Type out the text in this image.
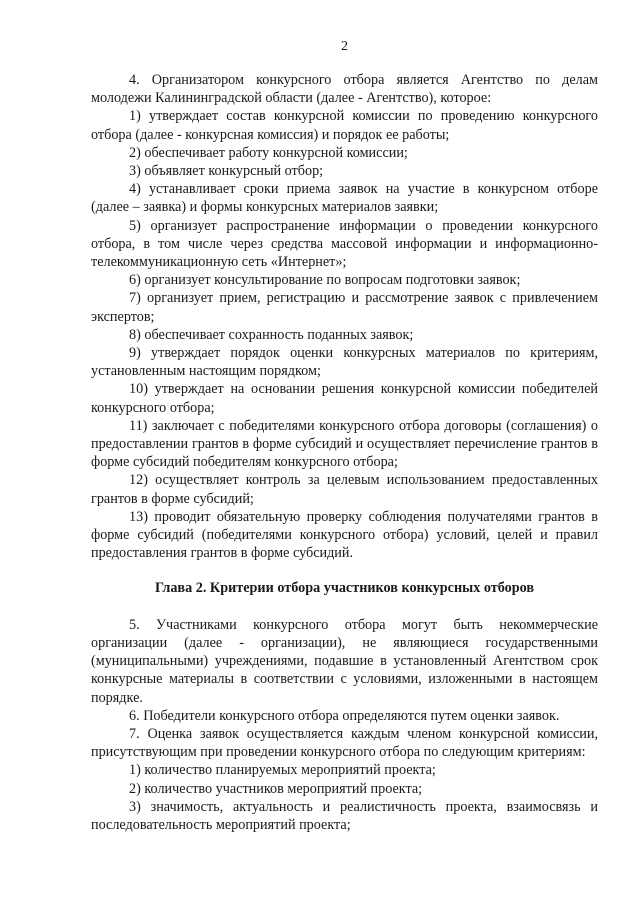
2

4. Организатором конкурсного отбора является Агентство по делам молодежи Калининградской области (далее - Агентство), которое:

1) утверждает состав конкурсной комиссии по проведению конкурсного отбора (далее - конкурсная комиссия) и порядок ее работы;

2) обеспечивает работу конкурсной комиссии;

3) объявляет конкурсный отбор;

4) устанавливает сроки приема заявок на участие в конкурсном отборе (далее – заявка) и формы конкурсных материалов заявки;

5) организует распространение информации о проведении конкурсного отбора, в том числе через средства массовой информации и информационно-телекоммуникационную сеть «Интернет»;

6) организует консультирование по вопросам подготовки заявок;

7) организует прием, регистрацию и рассмотрение заявок с привлечением экспертов;

8) обеспечивает сохранность поданных заявок;

9) утверждает порядок оценки конкурсных материалов по критериям, установленным настоящим порядком;

10) утверждает на основании решения конкурсной комиссии победителей конкурсного отбора;

11) заключает с победителями конкурсного отбора договоры (соглашения) о предоставлении грантов в форме субсидий и осуществляет перечисление грантов в форме субсидий победителям конкурсного отбора;

12) осуществляет контроль за целевым использованием предоставленных грантов в форме субсидий;

13) проводит обязательную проверку соблюдения получателями грантов в форме субсидий (победителями конкурсного отбора) условий, целей и правил предоставления грантов в форме субсидий.

Глава 2. Критерии отбора участников конкурсных отборов

5. Участниками конкурсного отбора могут быть некоммерческие организации (далее - организации), не являющиеся государственными (муниципальными) учреждениями, подавшие в установленный Агентством срок конкурсные материалы в соответствии с условиями, изложенными в настоящем порядке.

6. Победители конкурсного отбора определяются путем оценки заявок.

7. Оценка заявок осуществляется каждым членом конкурсной комиссии, присутствующим при проведении конкурсного отбора по следующим критериям:

1) количество планируемых мероприятий проекта;

2) количество участников мероприятий проекта;

3) значимость, актуальность и реалистичность проекта, взаимосвязь и последовательность мероприятий проекта;
